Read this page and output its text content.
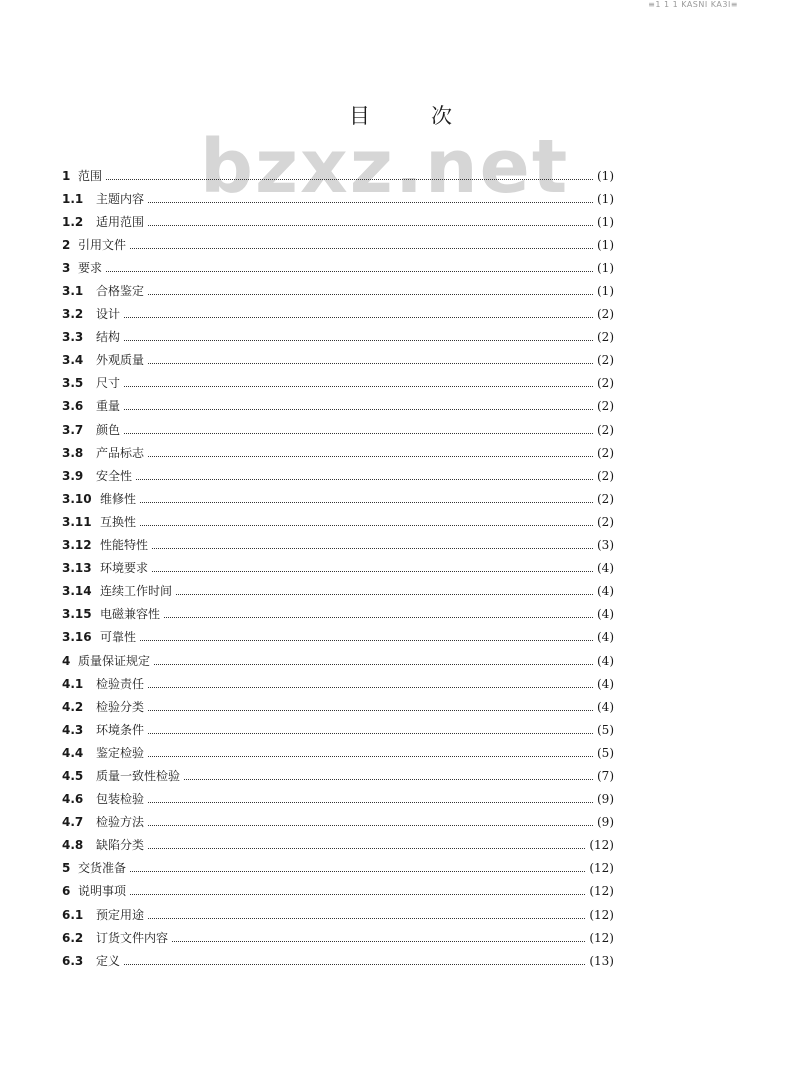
≡1 1 1 KASNI KA3I≡
bzxz.net
目	次
1 范围	(1)
1.1	主题内容	(1)
1.2	适用范围	(1)
2 引用文件	(1)
3 要求	(1)
3.1	合格鉴定	(1)
3.2	设计	(2)
3.3	结构	(2)
3.4	外观质量	(2)
3.5	尺寸	(2)
3.6	重量	(2)
3.7	颜色	(2)
3.8	产品标志	(2)
3.9	安全性	(2)
3.10 维修性	(2)
3.11 互换性	(2)
3.12 性能特性	(3)
3.13 环境要求	(4)
3.14 连续工作时间	(4)
3.15 电磁兼容性	(4)
3.16 可靠性	(4)
4 质量保证规定	(4)
4.1	检验责任	(4)
4.2	检验分类	(4)
4.3	环境条件	(5)
4.4	鉴定检验	(5)
4.5	质量一致性检验	(7)
4.6	包装检验	(9)
4.7	检验方法	(9)
4.8	缺陷分类	(12)
5 交货准备	(12)
6 说明事项	(12)
6.1	预定用途	(12)
6.2	订货文件内容	(12)
6.3	定义	(13)
